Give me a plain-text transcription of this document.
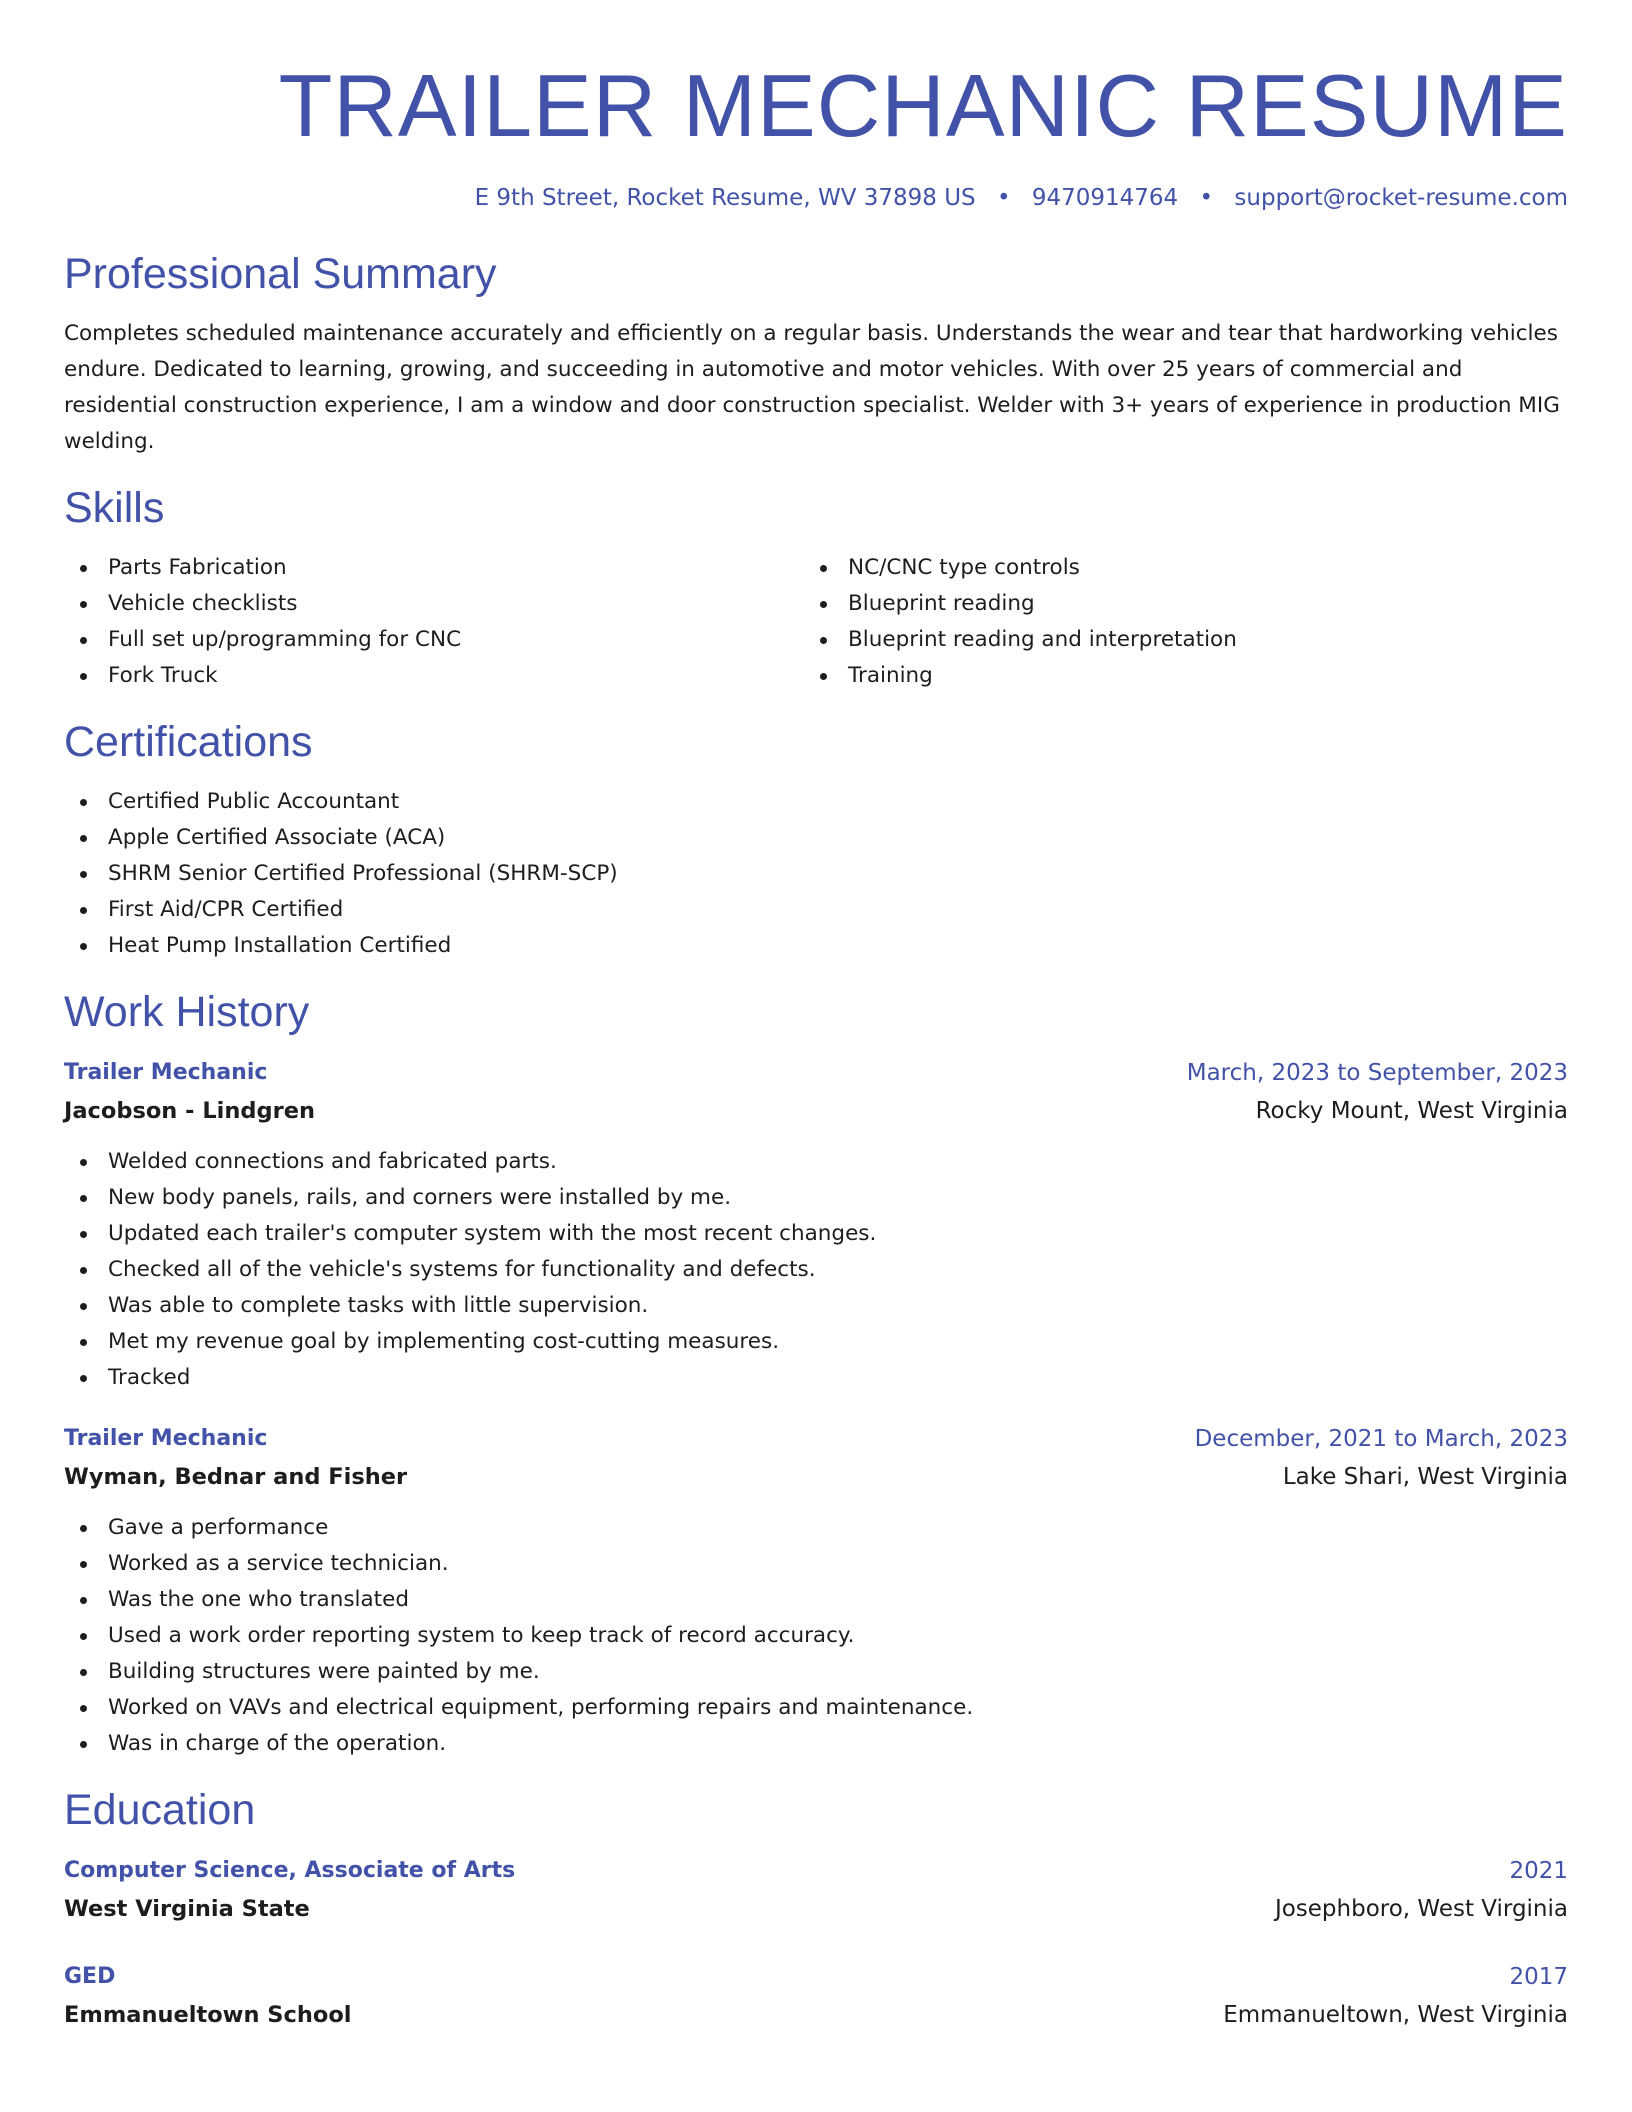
TRAILER MECHANIC RESUME
E 9th Street, Rocket Resume, WV 37898 US • 9470914764 • support@rocket-resume.com
Professional Summary

Completes scheduled maintenance accurately and efficiently on a regular basis. Understands the wear and tear that hardworking vehicles endure. Dedicated to learning, growing, and succeeding in automotive and motor vehicles. With over 25 years of commercial and residential construction experience, I am a window and door construction specialist. Welder with 3+ years of experience in production MIG welding.

Skills
Parts Fabrication
Vehicle checklists
Full set up/programming for CNC
Fork Truck
NC/CNC type controls
Blueprint reading
Blueprint reading and interpretation
Training
Certifications
Certified Public Accountant
Apple Certified Associate (ACA)
SHRM Senior Certified Professional (SHRM-SCP)
First Aid/CPR Certified
Heat Pump Installation Certified
Work History
Trailer Mechanic	March, 2023 to September, 2023
Jacobson - Lindgren	Rocky Mount, West Virginia
Welded connections and fabricated parts.
New body panels, rails, and corners were installed by me.
Updated each trailer's computer system with the most recent changes.
Checked all of the vehicle's systems for functionality and defects.
Was able to complete tasks with little supervision.
Met my revenue goal by implementing cost-cutting measures.
Tracked
Trailer Mechanic	December, 2021 to March, 2023
Wyman, Bednar and Fisher	Lake Shari, West Virginia
Gave a performance
Worked as a service technician.
Was the one who translated
Used a work order reporting system to keep track of record accuracy.
Building structures were painted by me.
Worked on VAVs and electrical equipment, performing repairs and maintenance.
Was in charge of the operation.
Education
Computer Science, Associate of Arts	2021
West Virginia State	Josephboro, West Virginia
GED	2017
Emmanueltown School	Emmanueltown, West Virginia
